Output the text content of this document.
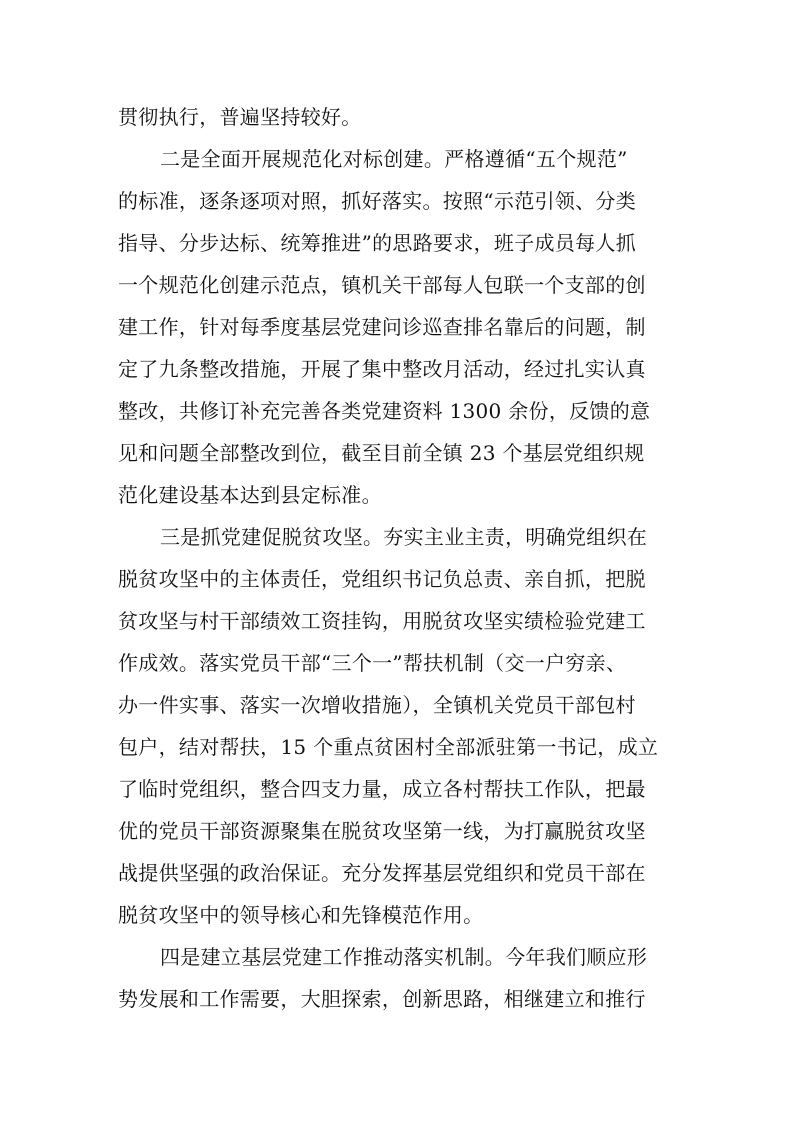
贯彻执行，普遍坚持较好。
二是全面开展规范化对标创建。严格遵循“五个规范”
的标准，逐条逐项对照，抓好落实。按照“示范引领、分类
指导、分步达标、统筹推进”的思路要求，班子成员每人抓
一个规范化创建示范点，镇机关干部每人包联一个支部的创
建工作，针对每季度基层党建问诊巡查排名靠后的问题，制
定了九条整改措施，开展了集中整改月活动，经过扎实认真
整改，共修订补充完善各类党建资料 1300 余份，反馈的意
见和问题全部整改到位，截至目前全镇 23 个基层党组织规
范化建设基本达到县定标准。
三是抓党建促脱贫攻坚。夯实主业主责，明确党组织在
脱贫攻坚中的主体责任，党组织书记负总责、亲自抓，把脱
贫攻坚与村干部绩效工资挂钩，用脱贫攻坚实绩检验党建工
作成效。落实党员干部“三个一”帮扶机制（交一户穷亲、
办一件实事、落实一次增收措施），全镇机关党员干部包村
包户，结对帮扶，15 个重点贫困村全部派驻第一书记，成立
了临时党组织，整合四支力量，成立各村帮扶工作队，把最
优的党员干部资源聚集在脱贫攻坚第一线，为打赢脱贫攻坚
战提供坚强的政治保证。充分发挥基层党组织和党员干部在
脱贫攻坚中的领导核心和先锋模范作用。
四是建立基层党建工作推动落实机制。今年我们顺应形
势发展和工作需要，大胆探索，创新思路，相继建立和推行
